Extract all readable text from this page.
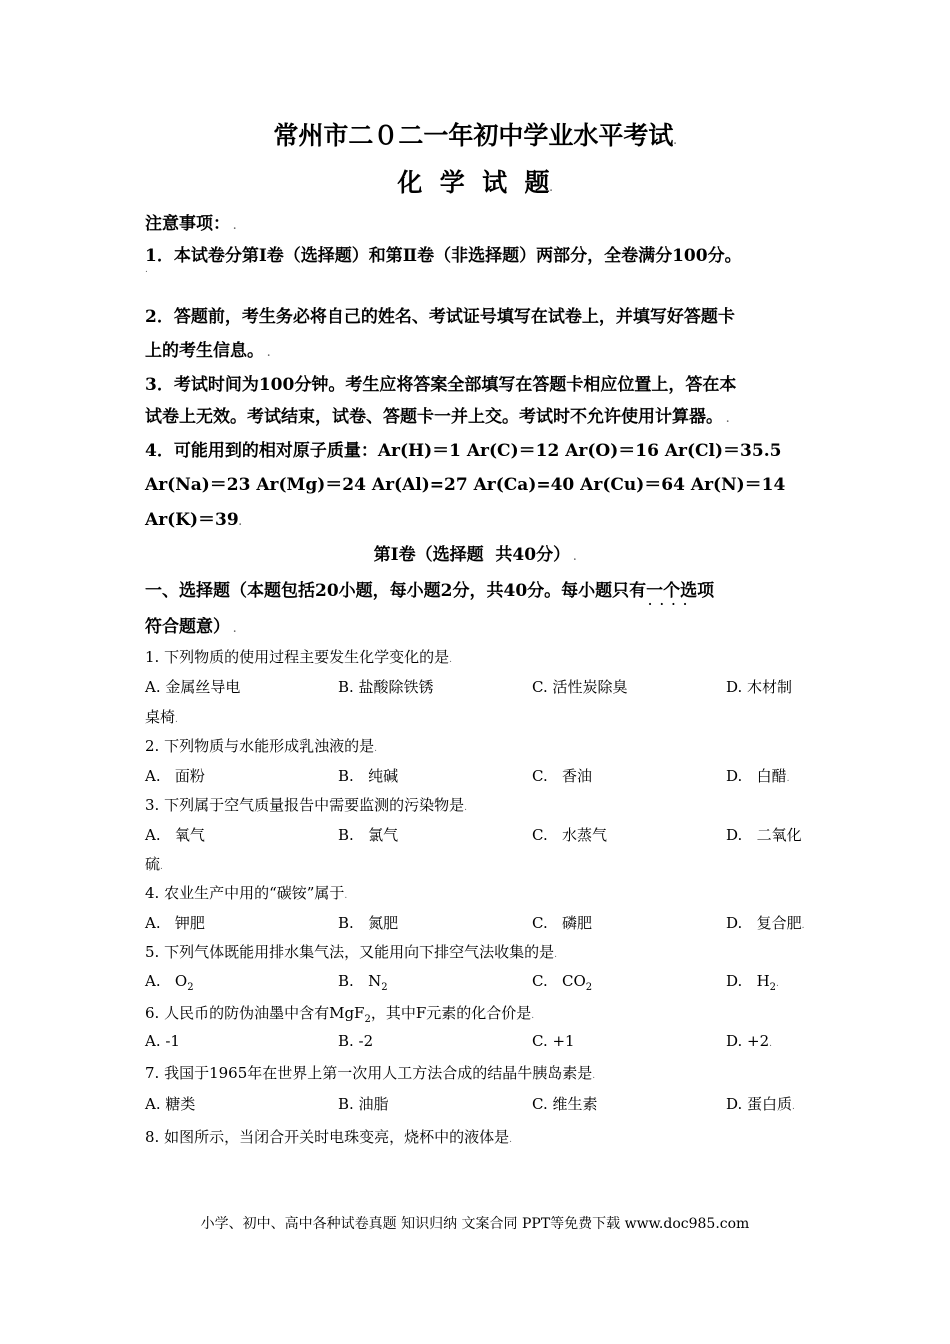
常州市二０二一年初中学业水平考试.
化  学  试  题.
注意事项： .
1．本试卷分第Ⅰ卷（选择题）和第Ⅱ卷（非选择题）两部分，全卷满分100分。
.
2．答题前，考生务必将自己的姓名、考试证号填写在试卷上，并填写好答题卡
上的考生信息。 .
3．考试时间为100分钟。考生应将答案全部填写在答题卡相应位置上，答在本
试卷上无效。考试结束，试卷、答题卡一并上交。考试时不允许使用计算器。 .
4．可能用到的相对原子质量：Ar(H)＝1 Ar(C)＝12 Ar(O)＝16 Ar(Cl)＝35.5
Ar(Na)＝23 Ar(Mg)＝24 Ar(Al)=27 Ar(Ca)=40 Ar(Cu)＝64 Ar(N)＝14
Ar(K)＝39.
第Ⅰ卷（选择题  共40分） .
一、选择题（本题包括20小题，每小题2分，共40分。每小题只有一个 · · · ·选项
符合题意） .
1. 下列物质的使用过程主要发生化学变化的是.
A. 金属丝导电	B. 盐酸除铁锈	C. 活性炭除臭	D. 木材制
桌椅.
2. 下列物质与水能形成乳浊液的是.
A.   面粉	B.   纯碱	C.   香油	D.   白醋.
3. 下列属于空气质量报告中需要监测的污染物是.
A.   氧气	B.   氯气	C.   水蒸气	D.   二氧化
硫.
4. 农业生产中用的“碳铵”属于.
A.   钾肥	B.   氮肥	C.   磷肥	D.   复合肥.
5. 下列气体既能用排水集气法，又能用向下排空气法收集的是.
A.   $O_2$	B.   $N_2$	C.   $CO_2$	D.   $H_2$.
6. 人民币的防伪油墨中含有MgF$_2$，其中F元素的化合价是.
A. -1	B. -2	C. +1	D. +2.
7. 我国于1965年在世界上第一次用人工方法合成的结晶牛胰岛素是.
A. 糖类	B. 油脂	C. 维生素	D. 蛋白质.
8. 如图所示，当闭合开关时电珠变亮，烧杯中的液体是.
小学、初中、高中各种试卷真题 知识归纳 文案合同 PPT等免费下载 www.doc985.com
